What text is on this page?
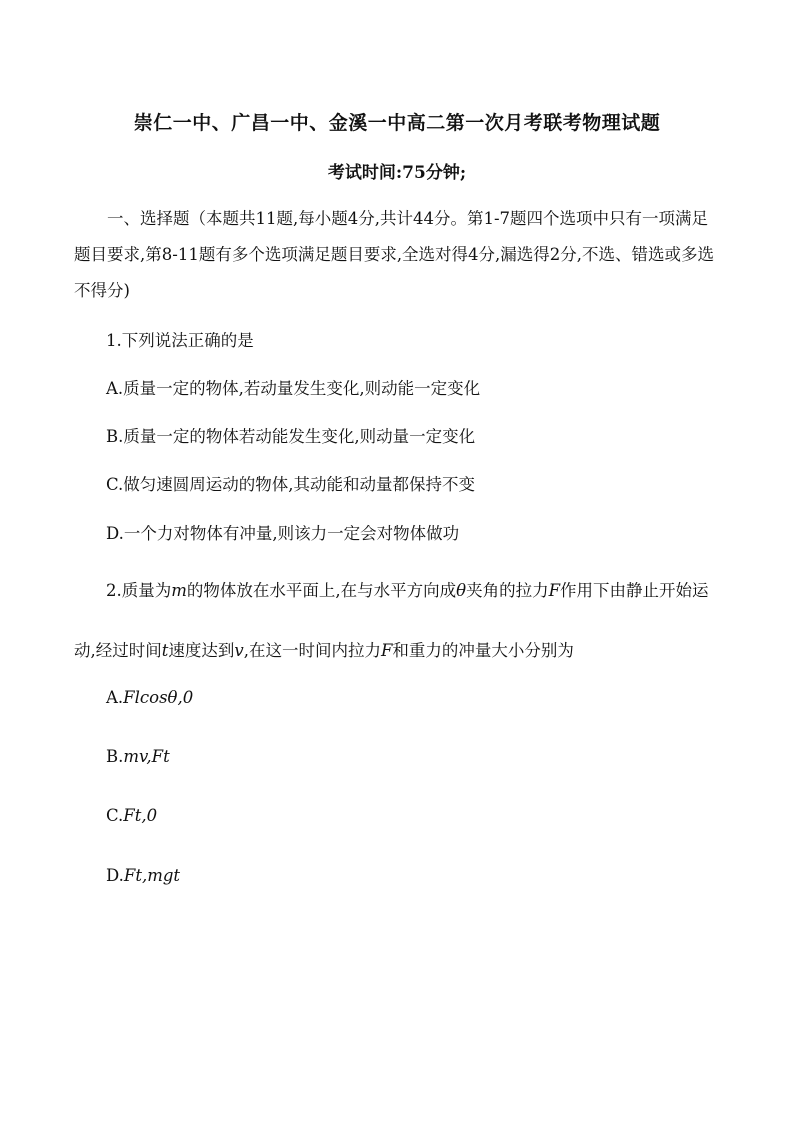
崇仁一中、广昌一中、金溪一中高二第一次月考联考物理试题
考试时间:75分钟;
一、选择题（本题共11题,每小题4分,共计44分。第1-7题四个选项中只有一项满足题目要求,第8-11题有多个选项满足题目要求,全选对得4分,漏选得2分,不选、错选或多选不得分)
1.下列说法正确的是
A.质量一定的物体,若动量发生变化,则动能一定变化
B.质量一定的物体若动能发生变化,则动量一定变化
C.做匀速圆周运动的物体,其动能和动量都保持不变
D.一个力对物体有冲量,则该力一定会对物体做功
2.质量为m的物体放在水平面上,在与水平方向成θ夹角的拉力F作用下由静止开始运动,经过时间t速度达到v,在这一时间内拉力F和重力的冲量大小分别为
A.Flcosθ,0
B.mv,Ft
C.Ft,0
D.Ft,mgt
